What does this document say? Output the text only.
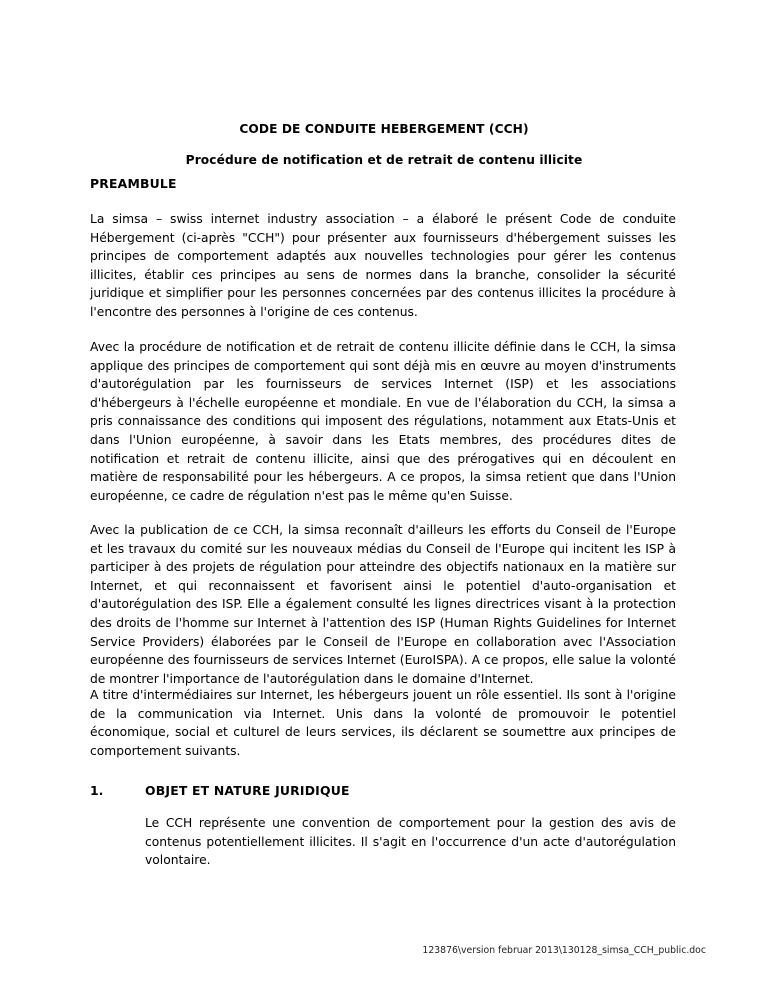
CODE DE CONDUITE HEBERGEMENT (CCH)
Procédure de notification et de retrait de contenu illicite
PREAMBULE

La simsa – swiss internet industry association – a élaboré le présent Code de conduite Hébergement (ci-après "CCH") pour présenter aux fournisseurs d'hébergement suisses les principes de comportement adaptés aux nouvelles technologies pour gérer les contenus illicites, établir ces principes au sens de normes dans la branche, consolider la sécurité juridique et simplifier pour les personnes concernées par des contenus illicites la procédure à l'encontre des personnes à l'origine de ces contenus.

Avec la procédure de notification et de retrait de contenu illicite définie dans le CCH, la simsa applique des principes de comportement qui sont déjà mis en œuvre au moyen d'instruments d'autorégulation par les fournisseurs de services Internet (ISP) et les associations d'hébergeurs à l'échelle européenne et mondiale. En vue de l'élaboration du CCH, la simsa a pris connaissance des conditions qui imposent des régulations, notamment aux Etats-Unis et dans l'Union européenne, à savoir dans les Etats membres, des procédures dites de notification et retrait de contenu illicite, ainsi que des prérogatives qui en découlent en matière de responsabilité pour les hébergeurs. A ce propos, la simsa retient que dans l'Union européenne, ce cadre de régulation n'est pas le même qu'en Suisse.

Avec la publication de ce CCH, la simsa reconnaît d'ailleurs les efforts du Conseil de l'Europe et les travaux du comité sur les nouveaux médias du Conseil de l'Europe qui incitent les ISP à participer à des projets de régulation pour atteindre des objectifs nationaux en la matière sur Internet, et qui reconnaissent et favorisent ainsi le potentiel d'auto-organisation et d'autorégulation des ISP. Elle a également consulté les lignes directrices visant à la protection des droits de l'homme sur Internet à l'attention des ISP (Human Rights Guidelines for Internet Service Providers) élaborées par le Conseil de l'Europe en collaboration avec l'Association européenne des fournisseurs de services Internet (EuroISPA). A ce propos, elle salue la volonté de montrer l'importance de l'autorégulation dans le domaine d'Internet.

A titre d'intermédiaires sur Internet, les hébergeurs jouent un rôle essentiel. Ils sont à l'origine de la communication via Internet. Unis dans la volonté de promouvoir le potentiel économique, social et culturel de leurs services, ils déclarent se soumettre aux principes de comportement suivants.

1.	OBJET ET NATURE JURIDIQUE

Le CCH représente une convention de comportement pour la gestion des avis de contenus potentiellement illicites. Il s'agit en l'occurrence d'un acte d'autorégulation volontaire.

123876\version februar 2013\130128_simsa_CCH_public.doc
